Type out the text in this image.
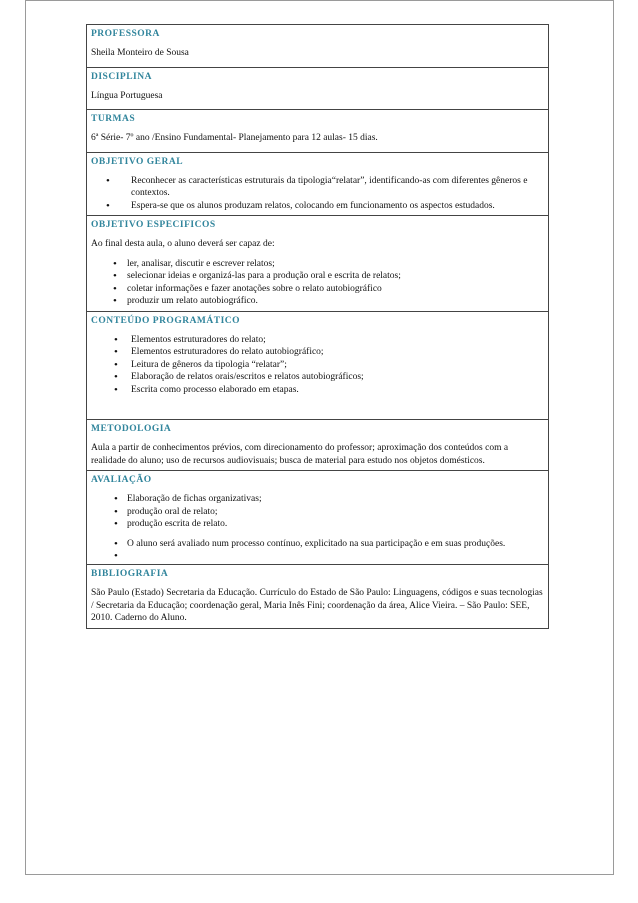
PROFESSORA
Sheila Monteiro de Sousa
DISCIPLINA
Língua Portuguesa
TURMAS
6ª Série- 7º ano /Ensino Fundamental- Planejamento para 12 aulas- 15 dias.
OBJETIVO GERAL
• Reconhecer as características estruturais da tipologia“relatar”, identificando-as com diferentes gêneros e contextos.
• Espera-se que os alunos produzam relatos, colocando em funcionamento os aspectos estudados.
OBJETIVO ESPECIFICOS
Ao final desta aula, o aluno deverá ser capaz de:
• ler, analisar, discutir e escrever relatos;
• selecionar ideias e organizá-las para a produção oral e escrita de relatos;
• coletar informações e fazer anotações sobre o relato autobiográfico
• produzir um relato autobiográfico.
CONTEÚDO PROGRAMÁTICO
• Elementos estruturadores do relato;
• Elementos estruturadores do relato autobiográfico;
• Leitura de gêneros da tipologia “relatar”;
• Elaboração de relatos orais/escritos e relatos autobiográficos;
• Escrita como processo elaborado em etapas.
METODOLOGIA
Aula a partir de conhecimentos prévios, com direcionamento do professor; aproximação dos conteúdos com a realidade do aluno; uso de recursos audiovisuais; busca de material para estudo nos objetos domésticos.
AVALIAÇÃO
• Elaboração de fichas organizativas;
• produção oral de relato;
• produção escrita de relato.
• O aluno será avaliado num processo contínuo, explicitado na sua participação e em suas produções.
•
BIBLIOGRAFIA
São Paulo (Estado) Secretaria da Educação. Currículo do Estado de São Paulo: Linguagens, códigos e suas tecnologias / Secretaria da Educação; coordenação geral, Maria Inês Fini; coordenação da área, Alice Vieira. – São Paulo: SEE, 2010. Caderno do Aluno.
